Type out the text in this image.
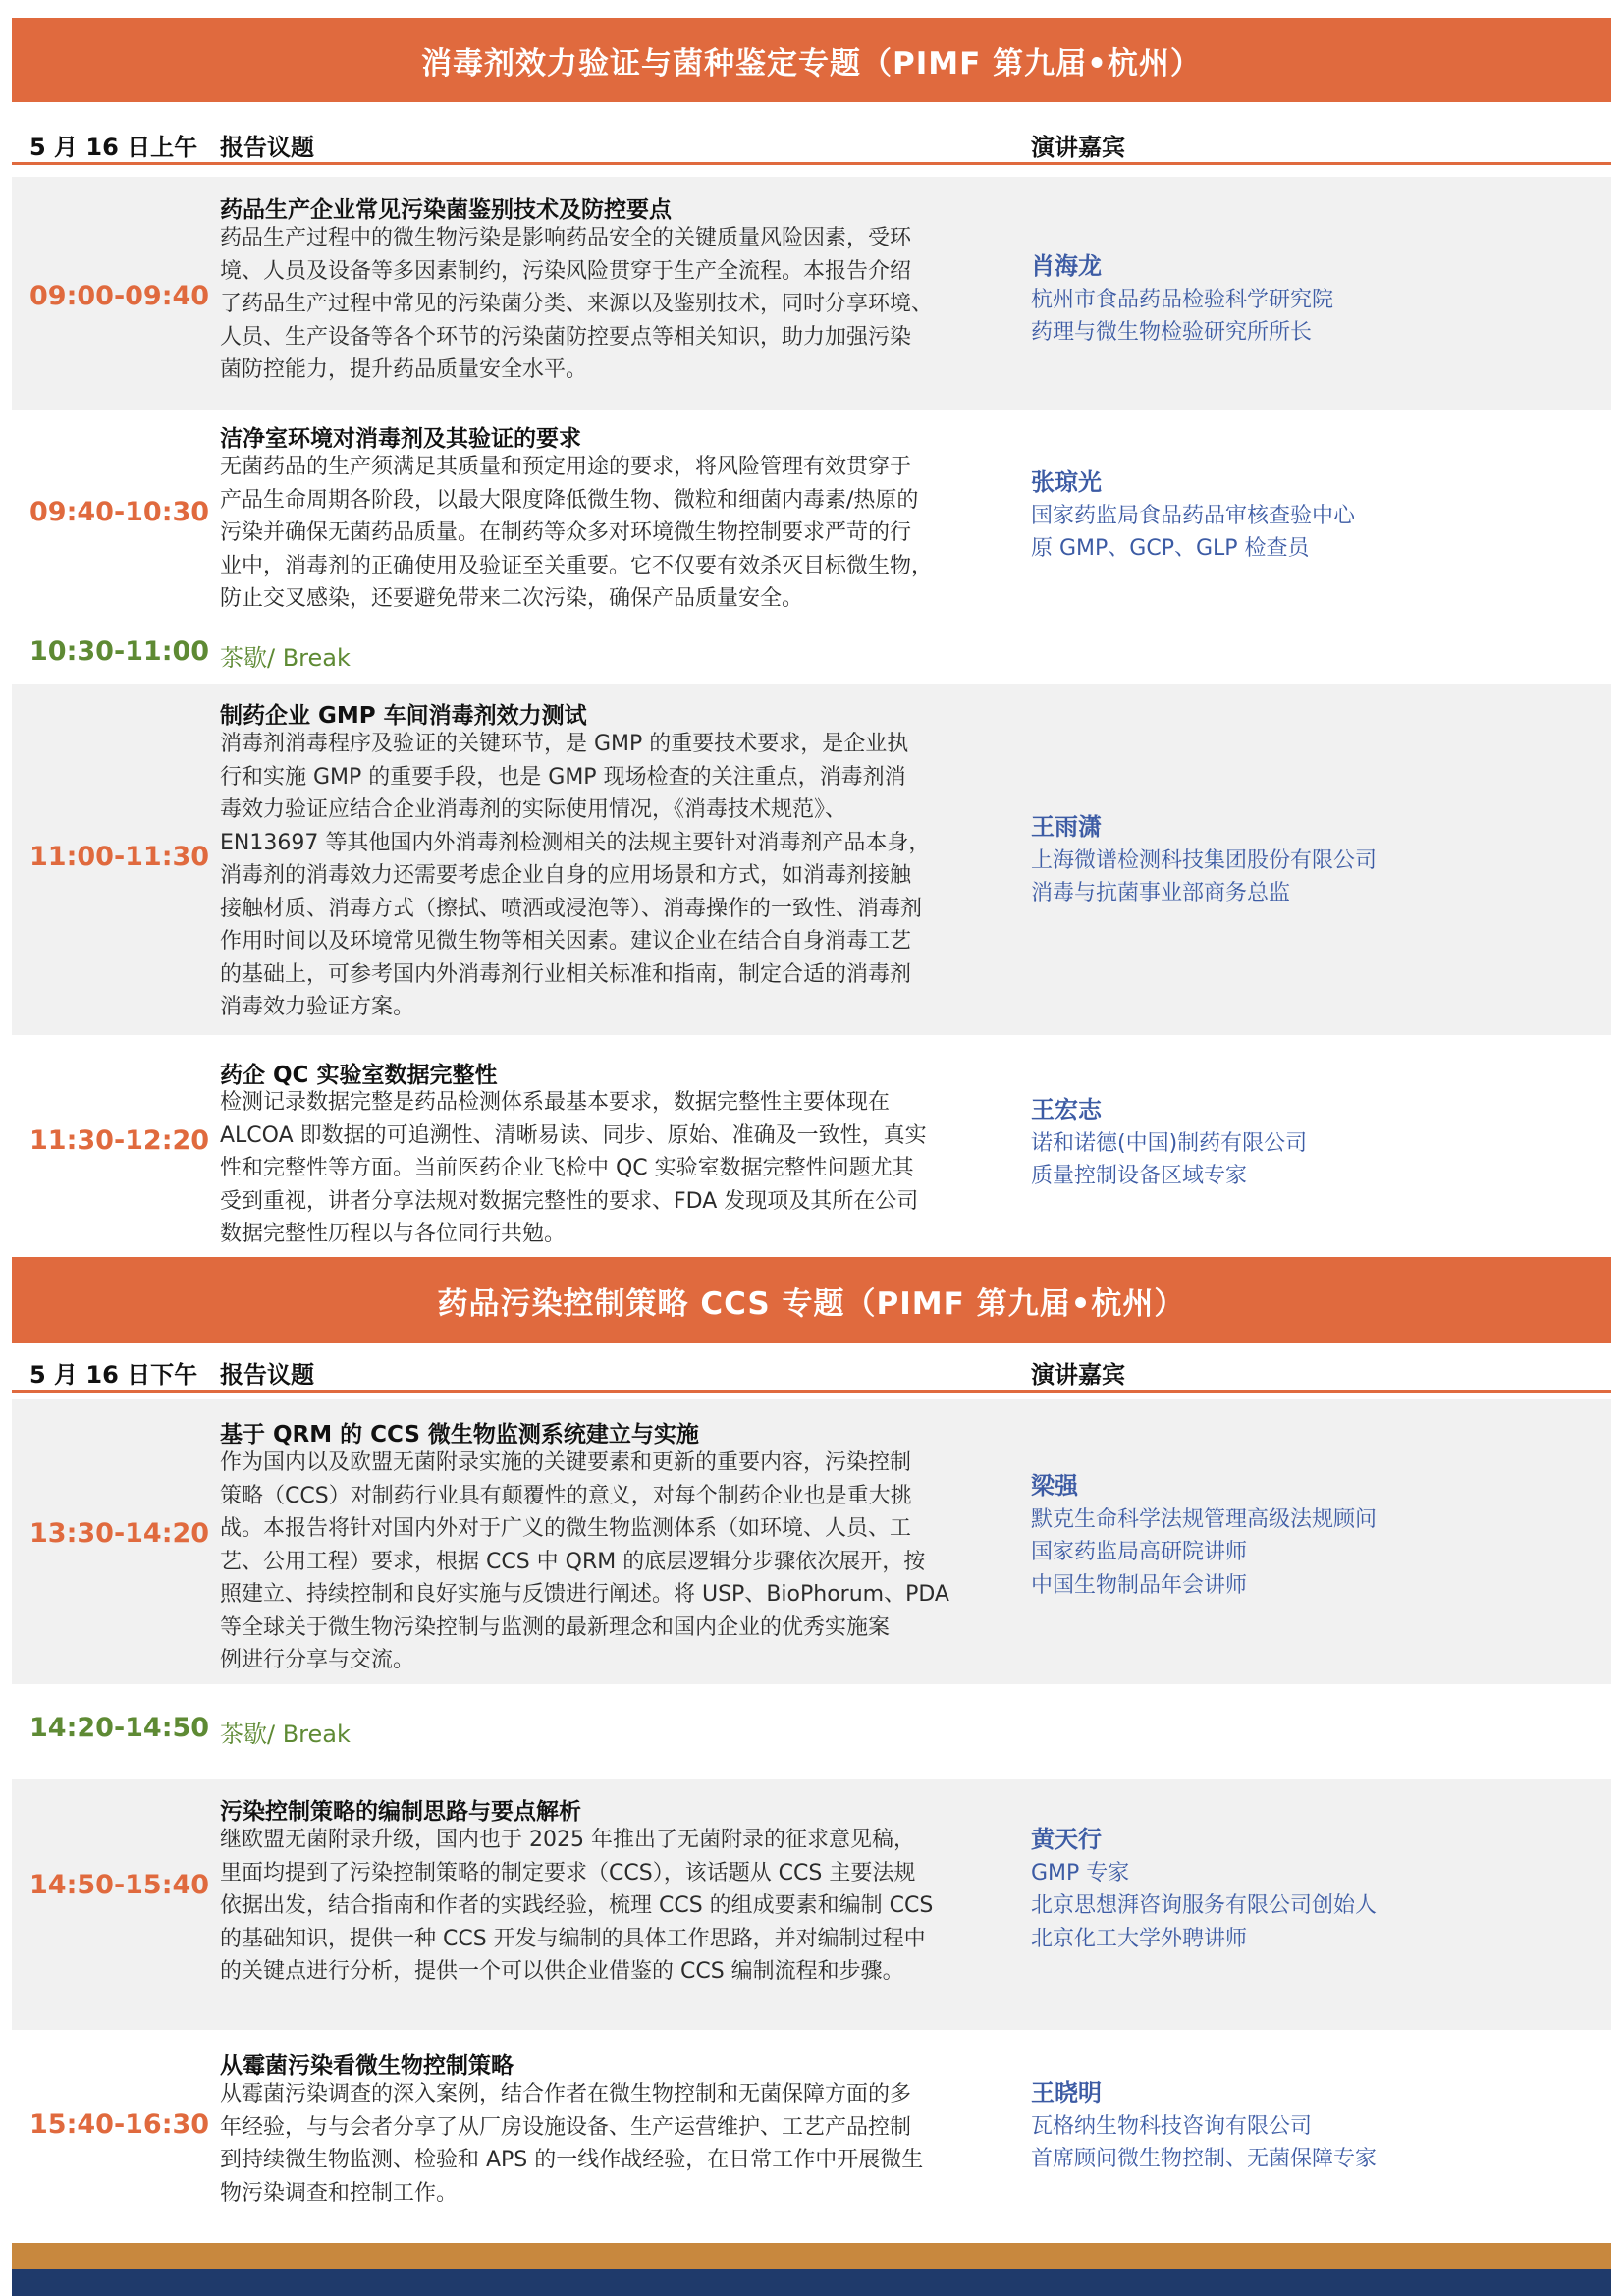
消毒剂效力验证与菌种鉴定专题（PIMF 第九届•杭州）
5 月 16 日上午 报告议题	演讲嘉宾
09:00-09:40
药品生产企业常见污染菌鉴别技术及防控要点
药品生产过程中的微生物污染是影响药品安全的关键质量风险因素，受环
境、人员及设备等多因素制约，污染风险贯穿于生产全流程。本报告介绍
了药品生产过程中常见的污染菌分类、来源以及鉴别技术，同时分享环境、
人员、生产设备等各个环节的污染菌防控要点等相关知识，助力加强污染
菌防控能力，提升药品质量安全水平。
肖海龙
杭州市食品药品检验科学研究院
药理与微生物检验研究所所长
09:40-10:30
洁净室环境对消毒剂及其验证的要求
无菌药品的生产须满足其质量和预定用途的要求，将风险管理有效贯穿于
产品生命周期各阶段，以最大限度降低微生物、微粒和细菌内毒素/热原的
污染并确保无菌药品质量。在制药等众多对环境微生物控制要求严苛的行
业中，消毒剂的正确使用及验证至关重要。它不仅要有效杀灭目标微生物，
防止交叉感染，还要避免带来二次污染，确保产品质量安全。
张琼光
国家药监局食品药品审核查验中心
原 GMP、GCP、GLP 检查员
10:30-11:00 茶歇/ Break
11:00-11:30
制药企业 GMP 车间消毒剂效力测试
消毒剂消毒程序及验证的关键环节，是 GMP 的重要技术要求，是企业执
行和实施 GMP 的重要手段，也是 GMP 现场检查的关注重点，消毒剂消
毒效力验证应结合企业消毒剂的实际使用情况，《消毒技术规范》、
EN13697 等其他国内外消毒剂检测相关的法规主要针对消毒剂产品本身，
消毒剂的消毒效力还需要考虑企业自身的应用场景和方式，如消毒剂接触
接触材质、消毒方式（擦拭、喷洒或浸泡等）、消毒操作的一致性、消毒剂
作用时间以及环境常见微生物等相关因素。建议企业在结合自身消毒工艺
的基础上，可参考国内外消毒剂行业相关标准和指南，制定合适的消毒剂
消毒效力验证方案。
王雨潇
上海微谱检测科技集团股份有限公司
消毒与抗菌事业部商务总监
11:30-12:20
药企 QC 实验室数据完整性
检测记录数据完整是药品检测体系最基本要求，数据完整性主要体现在
ALCOA 即数据的可追溯性、清晰易读、同步、原始、准确及一致性，真实
性和完整性等方面。当前医药企业飞检中 QC 实验室数据完整性问题尤其
受到重视，讲者分享法规对数据完整性的要求、FDA 发现项及其所在公司
数据完整性历程以与各位同行共勉。
王宏志
诺和诺德(中国)制药有限公司
质量控制设备区域专家
药品污染控制策略 CCS 专题（PIMF 第九届•杭州）
5 月 16 日下午 报告议题	演讲嘉宾
13:30-14:20
基于 QRM 的 CCS 微生物监测系统建立与实施
作为国内以及欧盟无菌附录实施的关键要素和更新的重要内容，污染控制
策略（CCS）对制药行业具有颠覆性的意义，对每个制药企业也是重大挑
战。本报告将针对国内外对于广义的微生物监测体系（如环境、人员、工
艺、公用工程）要求，根据 CCS 中 QRM 的底层逻辑分步骤依次展开，按
照建立、持续控制和良好实施与反馈进行阐述。将 USP、BioPhorum、PDA
等全球关于微生物污染控制与监测的最新理念和国内企业的优秀实施案
例进行分享与交流。
梁强
默克生命科学法规管理高级法规顾问
国家药监局高研院讲师
中国生物制品年会讲师
14:20-14:50 茶歇/ Break
14:50-15:40
污染控制策略的编制思路与要点解析
继欧盟无菌附录升级，国内也于 2025 年推出了无菌附录的征求意见稿，
里面均提到了污染控制策略的制定要求（CCS），该话题从 CCS 主要法规
依据出发，结合指南和作者的实践经验，梳理 CCS 的组成要素和编制 CCS
的基础知识，提供一种 CCS 开发与编制的具体工作思路，并对编制过程中
的关键点进行分析，提供一个可以供企业借鉴的 CCS 编制流程和步骤。
黄天行
GMP 专家
北京思想湃咨询服务有限公司创始人
北京化工大学外聘讲师
15:40-16:30
从霉菌污染看微生物控制策略
从霉菌污染调查的深入案例，结合作者在微生物控制和无菌保障方面的多
年经验，与与会者分享了从厂房设施设备、生产运营维护、工艺产品控制
到持续微生物监测、检验和 APS 的一线作战经验，在日常工作中开展微生
物污染调查和控制工作。
王晓明
瓦格纳生物科技咨询有限公司
首席顾问微生物控制、无菌保障专家
